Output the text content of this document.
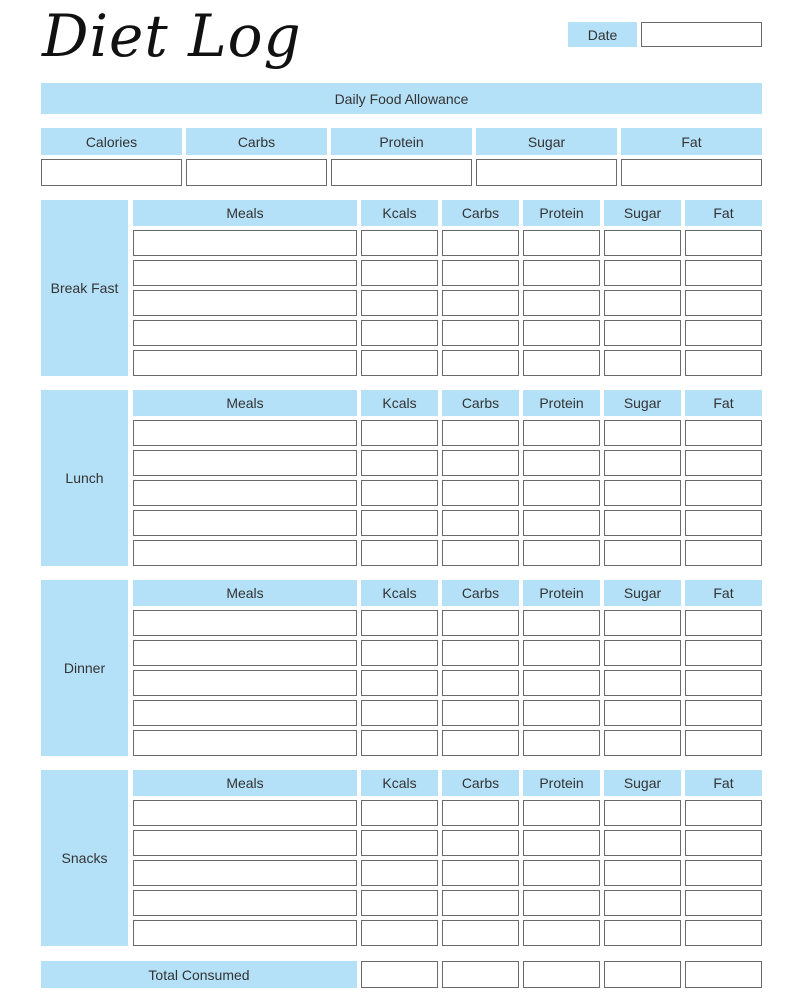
Diet Log	Date
Daily Food Allowance
Calories	Carbs	Protein	Sugar	Fat
Break Fast
Meals	Kcals	Carbs	Protein	Sugar	Fat
Lunch
Meals	Kcals	Carbs	Protein	Sugar	Fat
Dinner
Meals	Kcals	Carbs	Protein	Sugar	Fat
Snacks
Meals	Kcals	Carbs	Protein	Sugar	Fat
Total Consumed
